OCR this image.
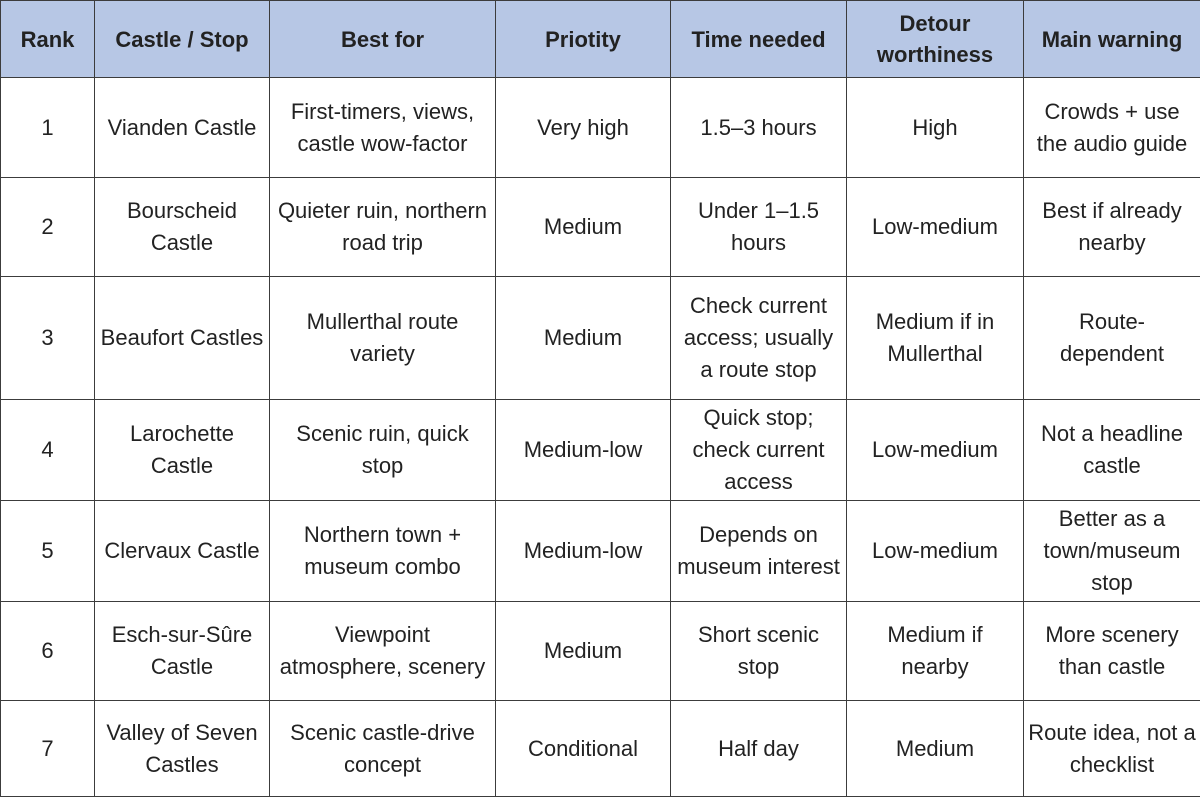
Rank	Castle / Stop	Best for	Priotity	Time needed	Detour worthiness	Main warning
1	Vianden Castle	First-timers, views, castle wow-factor	Very high	1.5–3 hours	High	Crowds + use the audio guide
2	Bourscheid Castle	Quieter ruin, northern road trip	Medium	Under 1–1.5 hours	Low-medium	Best if already nearby
3	Beaufort Castles	Mullerthal route variety	Medium	Check current access; usually a route stop	Medium if in Mullerthal	Route-dependent
4	Larochette Castle	Scenic ruin, quick stop	Medium-low	Quick stop; check current access	Low-medium	Not a headline castle
5	Clervaux Castle	Northern town + museum combo	Medium-low	Depends on museum interest	Low-medium	Better as a town/museum stop
6	Esch-sur-Sûre Castle	Viewpoint atmosphere, scenery	Medium	Short scenic stop	Medium if nearby	More scenery than castle
7	Valley of Seven Castles	Scenic castle-drive concept	Conditional	Half day	Medium	Route idea, not a checklist
